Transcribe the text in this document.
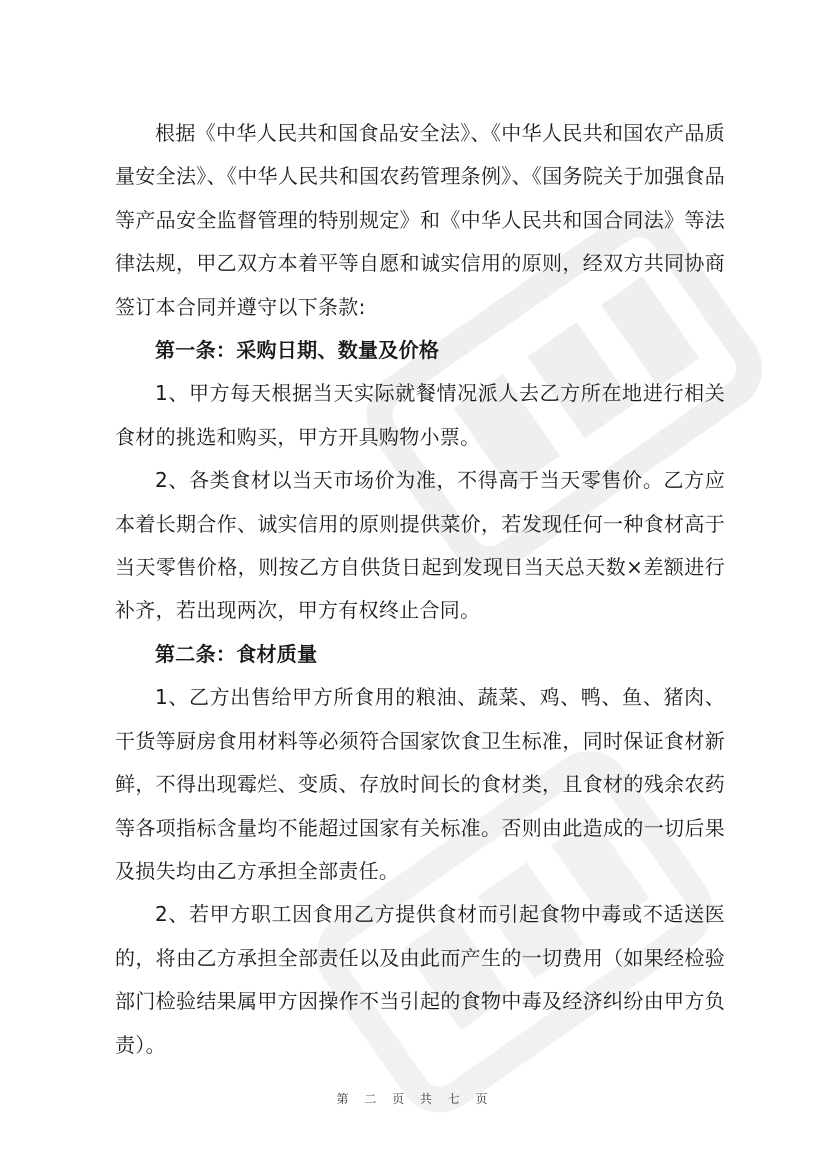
根据《中华人民共和国食品安全法》、《中华人民共和国农产品质量安全法》、《中华人民共和国农药管理条例》、《国务院关于加强食品等产品安全监督管理的特别规定》和《中华人民共和国合同法》等法律法规，甲乙双方本着平等自愿和诚实信用的原则，经双方共同协商签订本合同并遵守以下条款:

第一条：采购日期、数量及价格

1、甲方每天根据当天实际就餐情况派人去乙方所在地进行相关食材的挑选和购买，甲方开具购物小票。

2、各类食材以当天市场价为准，不得高于当天零售价。乙方应本着长期合作、诚实信用的原则提供菜价，若发现任何一种食材高于当天零售价格，则按乙方自供货日起到发现日当天总天数×差额进行补齐，若出现两次，甲方有权终止合同。

第二条：食材质量

1、乙方出售给甲方所食用的粮油、蔬菜、鸡、鸭、鱼、猪肉、干货等厨房食用材料等必须符合国家饮食卫生标准，同时保证食材新鲜，不得出现霉烂、变质、存放时间长的食材类，且食材的残余农药等各项指标含量均不能超过国家有关标准。否则由此造成的一切后果及损失均由乙方承担全部责任。

2、若甲方职工因食用乙方提供食材而引起食物中毒或不适送医的，将由乙方承担全部责任以及由此而产生的一切费用（如果经检验部门检验结果属甲方因操作不当引起的食物中毒及经济纠纷由甲方负责）。

第 二 页 共 七 页
